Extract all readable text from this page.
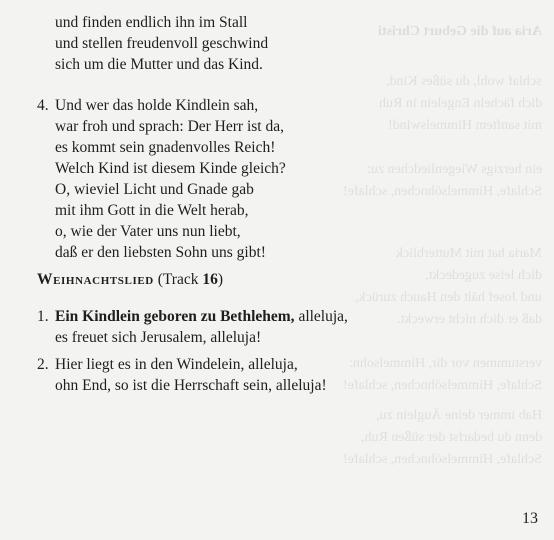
Aria auf die Geburt Christi
schlaf wohl, du süßes Kind,
dich fächeln Engelein in Ruh
mit sanftem Himmelswind!
ein herzigs Wiegenliedchen zu:
Schlafe, Himmelsöhnchen, schlafe!
Maria hat mit Mutterblick
dich leise zugedeckt,
und Josef hält den Hauch zurück,
daß er dich nicht erweckt.
verstummen vor dir, Himmelsohn:
Schlafe, Himmelsöhnchen, schlafe!
Hab immer deine Äuglein zu,
denn du bedarfst der süßen Ruh,
Schlafe, Himmelsöhnchen, schlafe!
und finden endlich ihn im Stall
und stellen freudenvoll geschwind
sich um die Mutter und das Kind.
4. Und wer das holde Kindlein sah,
war froh und sprach: Der Herr ist da,
es kommt sein gnadenvolles Reich!
Welch Kind ist diesem Kinde gleich?
O, wieviel Licht und Gnade gab
mit ihm Gott in die Welt herab,
o, wie der Vater uns nun liebt,
daß er den liebsten Sohn uns gibt!
Weihnachtslied (Track 16)
1. Ein Kindlein geboren zu Bethlehem, alleluja,
es freuet sich Jerusalem, alleluja!
2. Hier liegt es in den Windelein, alleluja,
ohn End, so ist die Herrschaft sein, alleluja!
13
